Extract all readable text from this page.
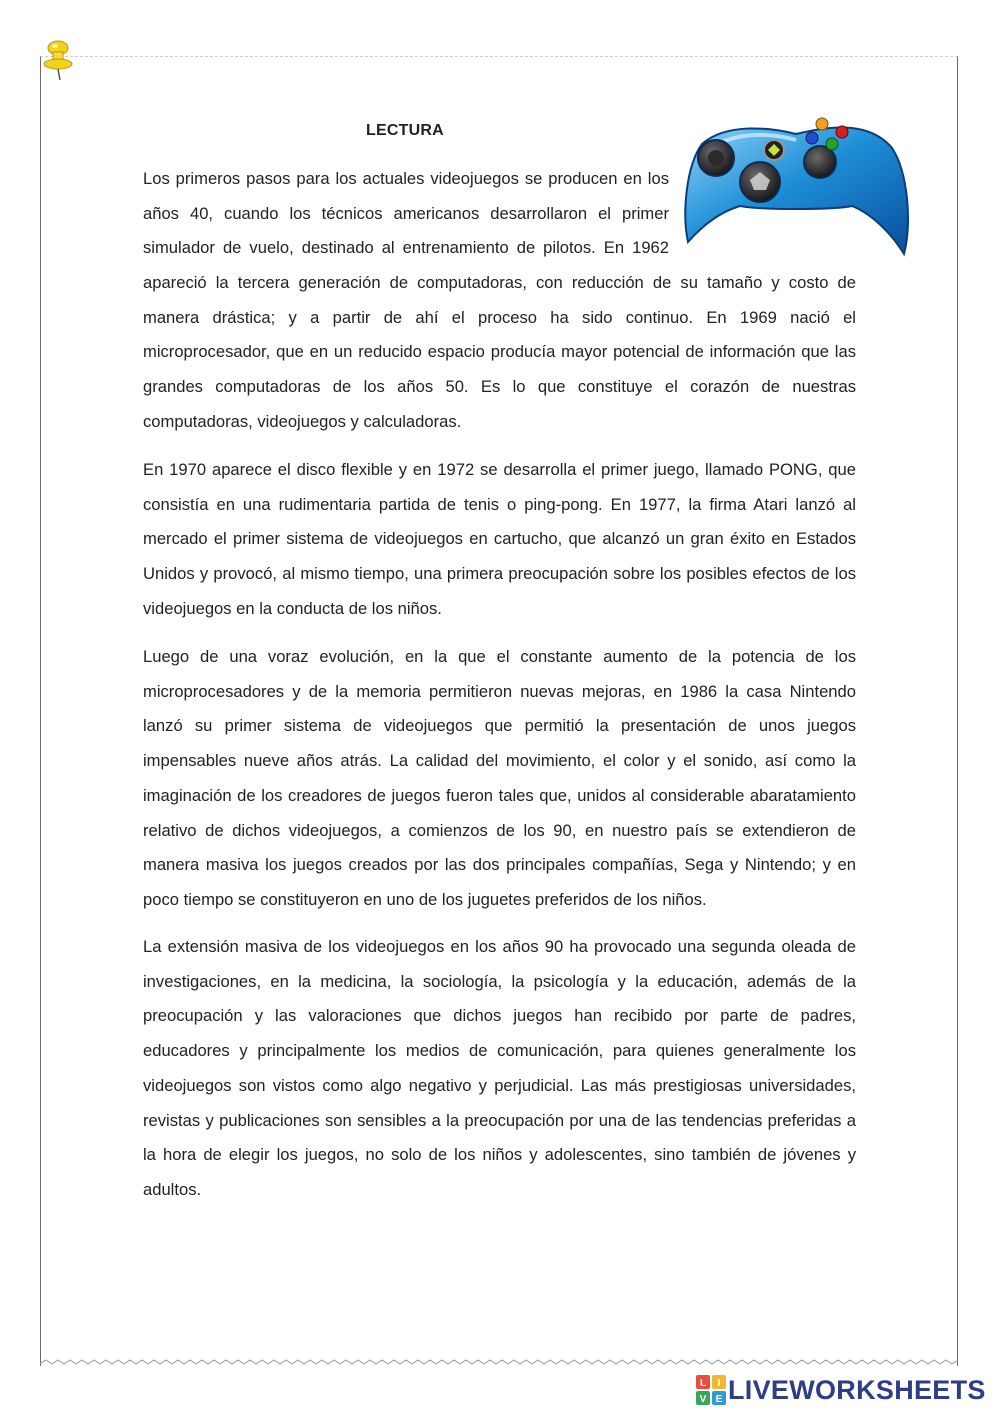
LECTURA
Los primeros pasos para los actuales videojuegos se producen en los
años 40, cuando los técnicos americanos desarrollaron el primer
simulador de vuelo, destinado al entrenamiento de pilotos. En 1962
apareció la tercera generación de computadoras, con reducción de su tamaño y costo de manera drástica; y a partir de ahí el proceso ha sido continuo. En 1969 nació el microprocesador, que en un reducido espacio producía mayor potencial de información que las grandes computadoras de los años 50. Es lo que constituye el corazón de nuestras computadoras, videojuegos y calculadoras.
En 1970 aparece el disco flexible y en 1972 se desarrolla el primer juego, llamado PONG, que consistía en una rudimentaria partida de tenis o ping-pong. En 1977, la firma Atari lanzó al mercado el primer sistema de videojuegos en cartucho, que alcanzó un gran éxito en Estados Unidos y provocó, al mismo tiempo, una primera preocupación sobre los posibles efectos de los videojuegos en la conducta de los niños.
Luego de una voraz evolución, en la que el constante aumento de la potencia de los microprocesadores y de la memoria permitieron nuevas mejoras, en 1986 la casa Nintendo lanzó su primer sistema de videojuegos que permitió la presentación de unos juegos impensables nueve años atrás. La calidad del movimiento, el color y el sonido, así como la imaginación de los creadores de juegos fueron tales que, unidos al considerable abaratamiento relativo de dichos videojuegos, a comienzos de los 90, en nuestro país se extendieron de manera masiva los juegos creados por las dos principales compañías, Sega y Nintendo; y en poco tiempo se constituyeron en uno de los juguetes preferidos de los niños.
La extensión masiva de los videojuegos en los años 90 ha provocado una segunda oleada de investigaciones, en la medicina, la sociología, la psicología y la educación, además de la preocupación y las valoraciones que dichos juegos han recibido por parte de padres, educadores y principalmente los medios de comunicación, para quienes generalmente los videojuegos son vistos como algo negativo y perjudicial. Las más prestigiosas universidades, revistas y publicaciones son sensibles a la preocupación por una de las tendencias preferidas a la hora de elegir los juegos, no solo de los niños y adolescentes, sino también de jóvenes y adultos.
L I
V E LIVEWORKSHEETS
